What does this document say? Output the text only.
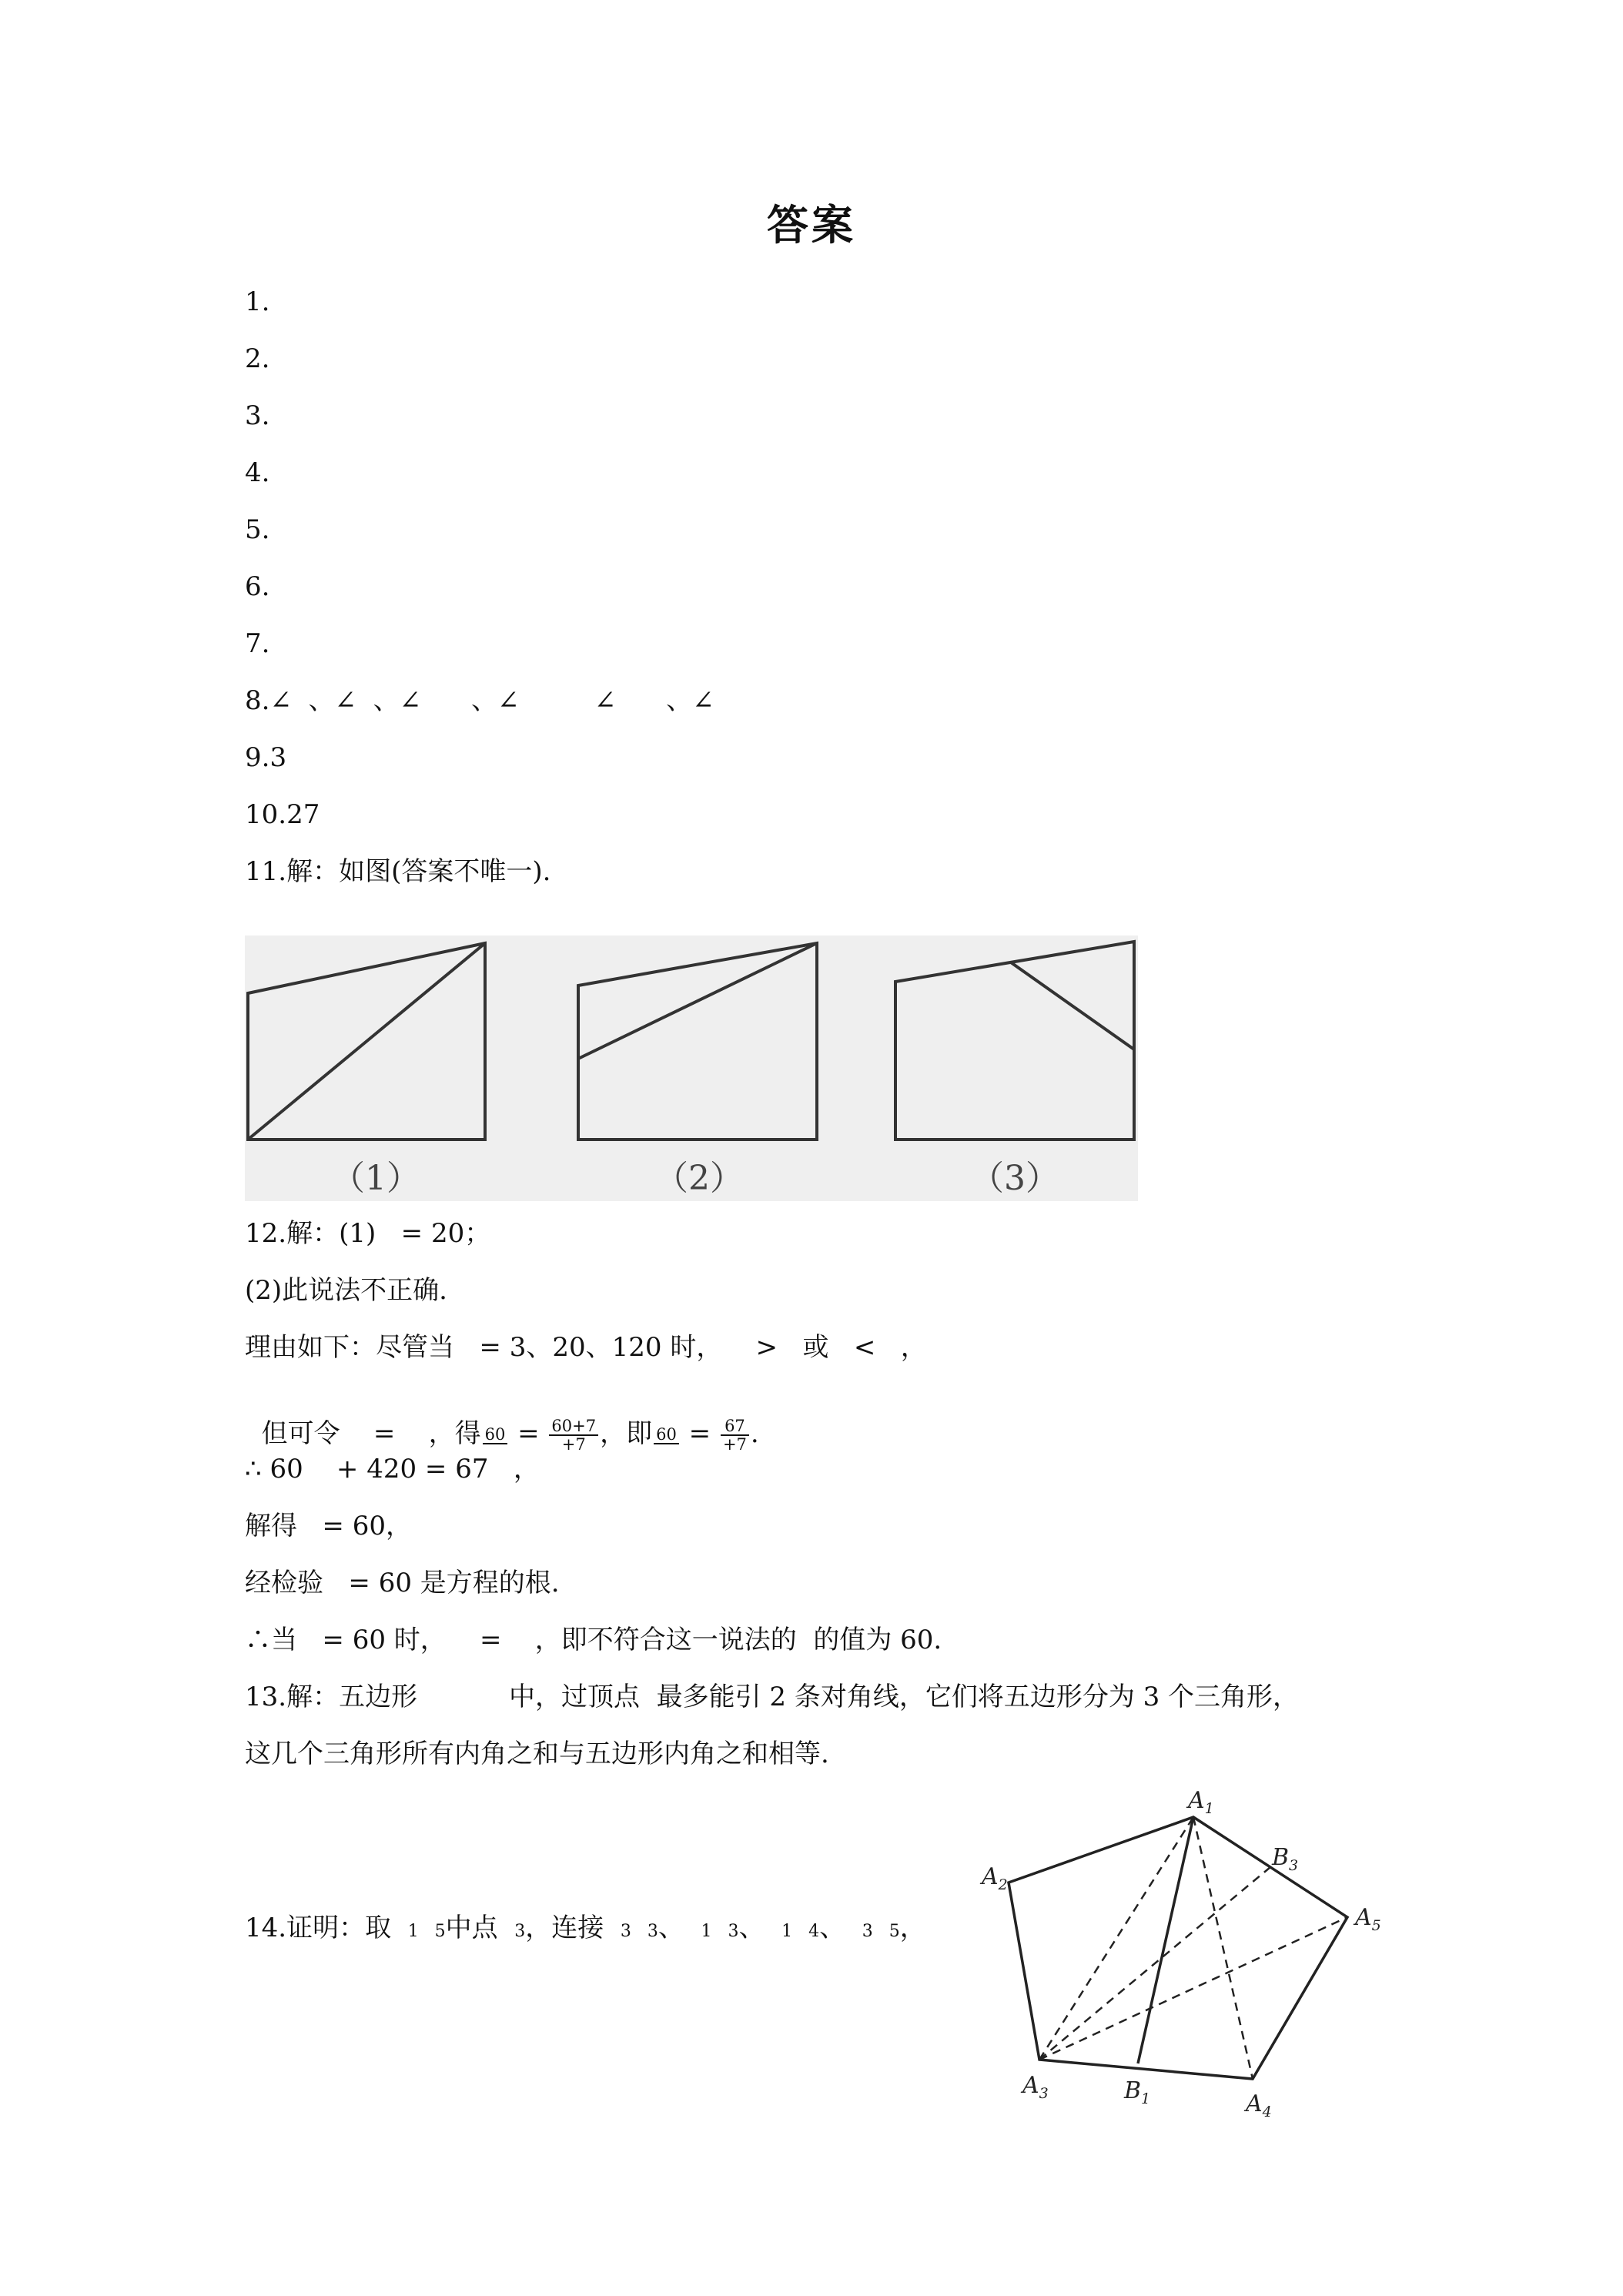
答案
1.
2.
3.
4.
5.
6.
7.
8.∠  、∠  、∠      、∠         ∠      、∠
9.3
10.27
11.解：如图(答案不唯一).
（1）	（2）	（3）
12.解：(1)   = 20；
(2)此说法不正确.
理由如下：尽管当   = 3、20、120 时，    >   或   <   ，

但可令    =    ，得 $60 = \frac{60+7}{+7}$ ，即 $60 = \frac{67}{+7}$ .

∴ 60    + 420 = 67   ，
解得   = 60，
经检验   = 60 是方程的根.
∴当   = 60 时，    =    ，即不符合这一说法的  的值为 60.
13.解：五边形           中，过顶点  最多能引 2 条对角线，它们将五边形分为 3 个三角形，
这几个三角形所有内角之和与五边形内角之和相等.
14.证明：取  1   5中点  3，连接  3   3、  1   3、  1   4、  3   5，
$A_1$
$A_2$
$A_3$	$A_4$
$A_5$
$B_1$
$B_3$
